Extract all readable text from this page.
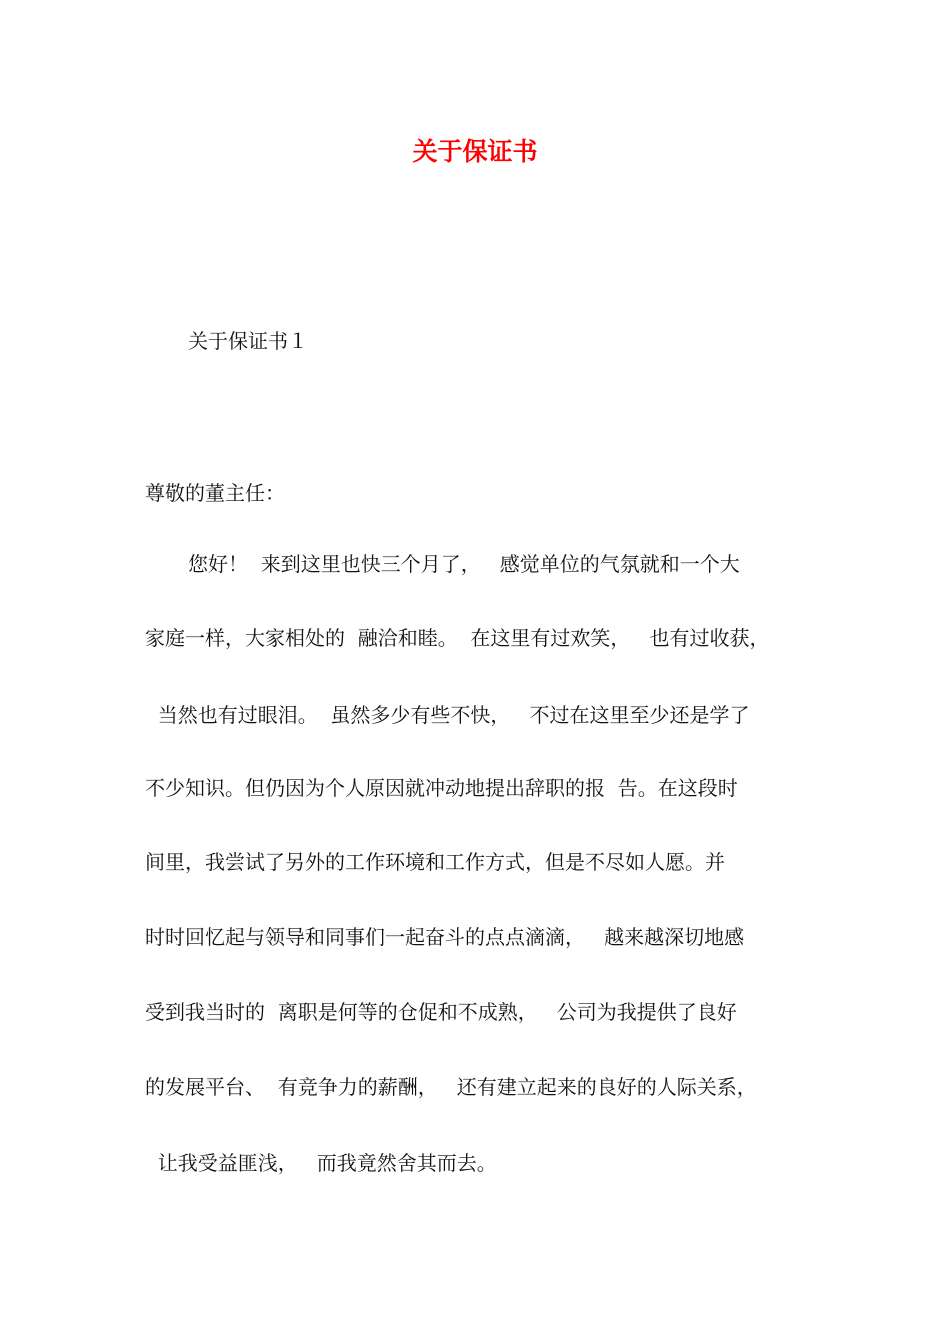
关于保证书
关于保证书１
尊敬的董主任：
您好！  来到这里也快三个月了，   感觉单位的气氛就和一个大
家庭一样，大家相处的  融洽和睦。  在这里有过欢笑，   也有过收获，
当然也有过眼泪。  虽然多少有些不快，   不过在这里至少还是学了
不少知识。但仍因为个人原因就冲动地提出辞职的报  告。在这段时
间里，我尝试了另外的工作环境和工作方式，但是不尽如人愿。并
时时回忆起与领导和同事们一起奋斗的点点滴滴，   越来越深切地感
受到我当时的  离职是何等的仓促和不成熟，   公司为我提供了良好
的发展平台、  有竞争力的薪酬，   还有建立起来的良好的人际关系，
让我受益匪浅，   而我竟然舍其而去。
